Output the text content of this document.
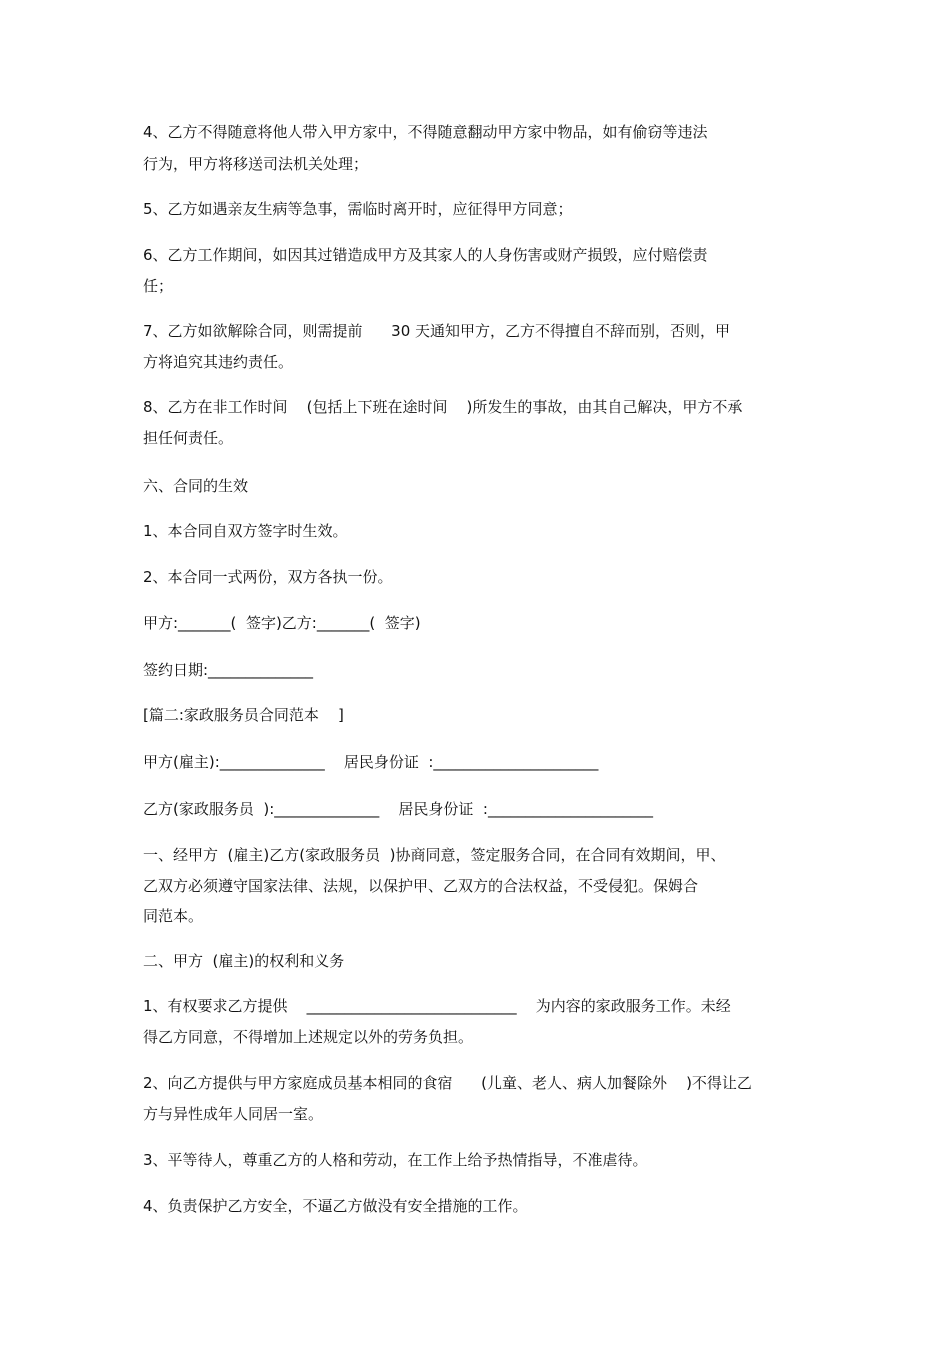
4、乙方不得随意将他人带入甲方家中，不得随意翻动甲方家中物品，如有偷窃等违法
行为，甲方将移送司法机关处理；
5、乙方如遇亲友生病等急事，需临时离开时，应征得甲方同意；
6、乙方工作期间，如因其过错造成甲方及其家人的人身伤害或财产损毁，应付赔偿责
任；
7、乙方如欲解除合同，则需提前      30 天通知甲方，乙方不得擅自不辞而别，否则，甲
方将追究其违约责任。
8、乙方在非工作时间    (包括上下班在途时间    )所发生的事故，由其自己解决，甲方不承
担任何责任。
六、合同的生效
1、本合同自双方签字时生效。
2、本合同一式两份，双方各执一份。
甲方:_______(  签字)乙方:_______(  签字)
签约日期:______________
[篇二:家政服务员合同范本    ]
甲方(雇主):______________    居民身份证  :______________________
乙方(家政服务员  ):______________    居民身份证  :______________________
一、经甲方  (雇主)乙方(家政服务员  )协商同意，签定服务合同，在合同有效期间，甲、
乙双方必须遵守国家法律、法规，以保护甲、乙双方的合法权益，不受侵犯。保姆合
同范本。
二、甲方  (雇主)的权利和义务
1、有权要求乙方提供    ____________________________    为内容的家政服务工作。未经
得乙方同意，不得增加上述规定以外的劳务负担。
2、向乙方提供与甲方家庭成员基本相同的食宿      (儿童、老人、病人加餐除外    )不得让乙
方与异性成年人同居一室。
3、平等待人，尊重乙方的人格和劳动，在工作上给予热情指导，不准虐待。
4、负责保护乙方安全，不逼乙方做没有安全措施的工作。
